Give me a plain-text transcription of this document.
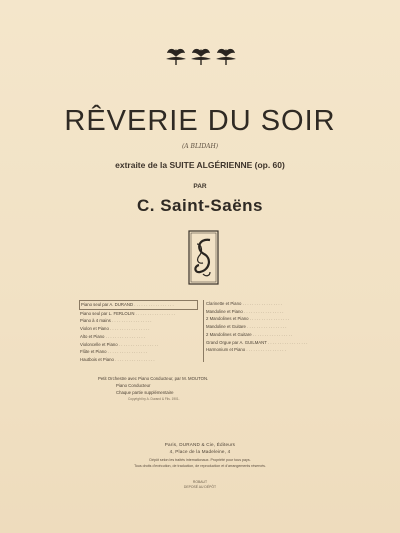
RÊVERIE DU SOIR
(A BLIDAH)
extraite de la SUITE ALGÉRIENNE (op. 60)
PAR
C. Saint-Saëns
Piano seul par A. DURAND . . . . . . . . . . . . . . . . .
Piano seul par L. FERLOLIN . . . . . . . . . . . . . . . . .
Piano à 4 mains . . . . . . . . . . . . . . . . .
Violon et Piano . . . . . . . . . . . . . . . . .
Alto et Piano . . . . . . . . . . . . . . . . .
Violoncelle et Piano . . . . . . . . . . . . . . . . .
Flûte et Piano . . . . . . . . . . . . . . . . .
Hautbois et Piano . . . . . . . . . . . . . . . . .
Clarinette et Piano . . . . . . . . . . . . . . . . .
Mandoline et Piano . . . . . . . . . . . . . . . . .
2 Mandolines et Piano . . . . . . . . . . . . . . . . .
Mandoline et Guitare . . . . . . . . . . . . . . . . .
2 Mandolines et Guitare . . . . . . . . . . . . . . . . .
Grand Orgue par A. GUILMANT . . . . . . . . . . . . . . . . .
Harmonium et Piano . . . . . . . . . . . . . . . . .
Petit Orchestre avec Piano Conducteur, par M. MOUTON.
Piano Conducteur
Chaque partie supplémentaire
Copyright by A. Durand & Fils. 1901.
Paris, DURAND & Cie, Éditeurs
4, Place de la Madeleine, 4
Dépôt selon les traités internationaux. Propriété pour tous pays.
Tous droits d'exécution, de traduction, de reproduction et d'arrangements réservés.
ROBAUT
DEPOSÉ AU DÉPÔT
